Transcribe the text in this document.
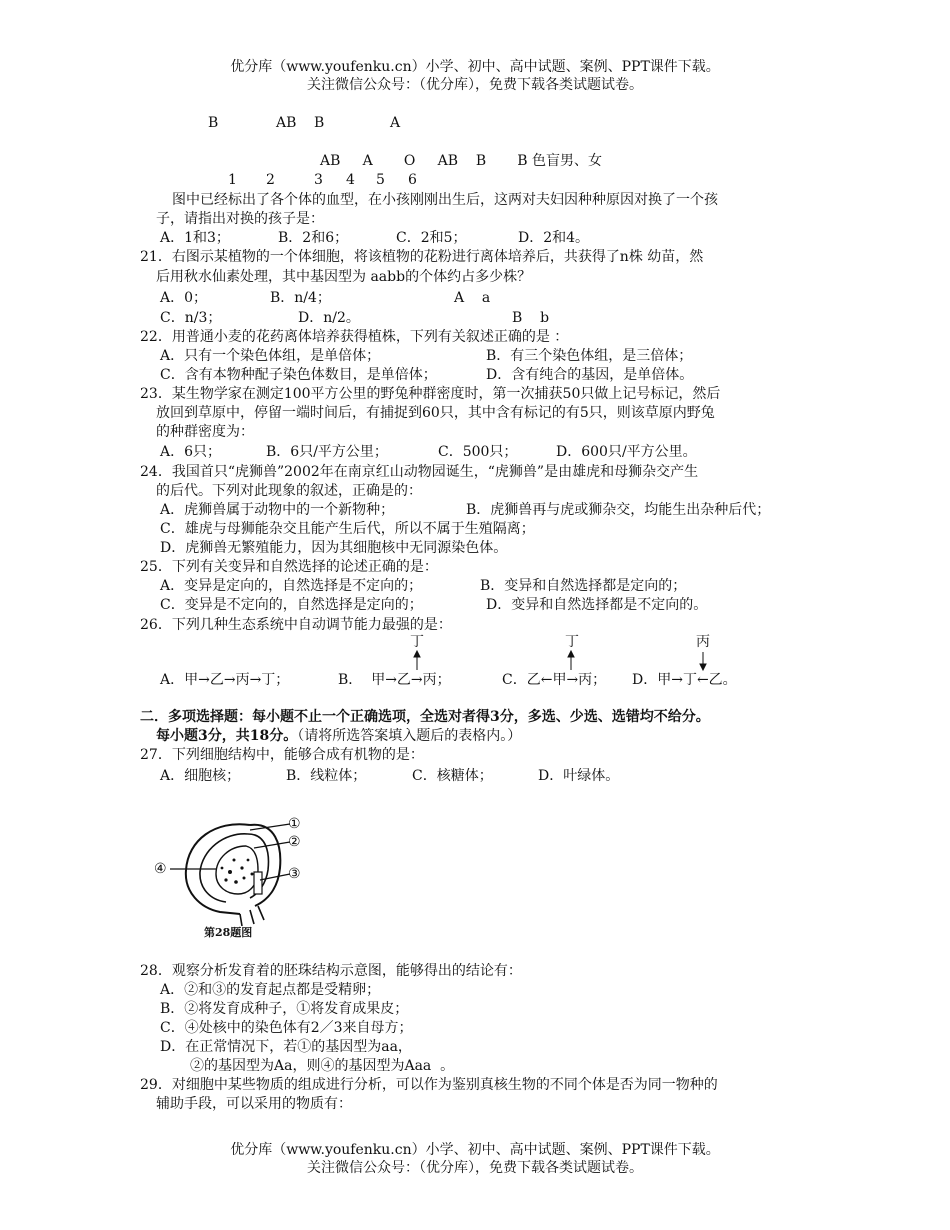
优分库（www.youfenku.cn）小学、初中、高中试题、案例、PPT课件下载。
关注微信公众号：（优分库），免费下载各类试题试卷。
B	AB B	A
AB     A       O     AB    B       B 色盲男、女
1 2	3 4 5 6
图中已经标出了各个体的血型，在小孩刚刚出生后，这两对夫妇因种种原因对换了一个孩
子，请指出对换的孩子是：
A．1和3；	B．2和6；	C．2和5；	D．2和4。
21．右图示某植物的一个体细胞，将该植物的花粉进行离体培养后，共获得了n株 幼苗，然
后用秋水仙素处理，其中基因型为 aabb的个体约占多少株？
A．0；	B．n/4；	A    a
C．n/3；	D．n/2。	B    b
22．用普通小麦的花药离体培养获得植株，下列有关叙述正确的是 ：
A．只有一个染色体组，是单倍体；	B．有三个染色体组，是三倍体；
C．含有本物种配子染色体数目，是单倍体；	D．含有纯合的基因，是单倍体。
23．某生物学家在测定100平方公里的野兔种群密度时，第一次捕获50只做上记号标记，然后
放回到草原中，停留一端时间后，有捕捉到60只，其中含有标记的有5只，则该草原内野兔
的种群密度为：
A．6只；	B．6只/平方公里；	C．500只；	D．600只/平方公里。
24．我国首只“虎狮兽”2002年在南京红山动物园诞生，“虎狮兽”是由雄虎和母狮杂交产生
的后代。下列对此现象的叙述，正确是的：
A．虎狮兽属于动物中的一个新物种；	B．虎狮兽再与虎或狮杂交，均能生出杂种后代；
C．雄虎与母狮能杂交且能产生后代，所以不属于生殖隔离；
D．虎狮兽无繁殖能力，因为其细胞核中无同源染色体。
25．下列有关变异和自然选择的论述正确的是：
A．变异是定向的，自然选择是不定向的；	B．变异和自然选择都是定向的；
C．变异是不定向的，自然选择是定向的；	D．变异和自然选择都是不定向的。
26．下列几种生态系统中自动调节能力最强的是：
丁	丁	丙
A．甲→乙→丙→丁；	B．  甲→乙→丙；	C．乙←甲→丙； D．甲→丁←乙。
二．多项选择题：每小题不止一个正确选项，全选对者得3分，多选、少选、选错均不给分。
每小题3分，共18分。（请将所选答案填入题后的表格内。）
27．下列细胞结构中，能够合成有机物的是：
A．细胞核；	B．线粒体；	C．核糖体；	D．叶绿体。
①
②
③
④
第28题图
28．观察分析发育着的胚珠结构示意图，能够得出的结论有：
A．②和③的发育起点都是受精卵；
B．②将发育成种子，①将发育成果皮；
C．④处核中的染色体有2／3来自母方；
D．在正常情况下，若①的基因型为aa，
②的基因型为Aa，则④的基因型为Aaa  。
29．对细胞中某些物质的组成进行分析，可以作为鉴别真核生物的不同个体是否为同一物种的
辅助手段，可以采用的物质有：
优分库（www.youfenku.cn）小学、初中、高中试题、案例、PPT课件下载。
关注微信公众号：（优分库），免费下载各类试题试卷。
